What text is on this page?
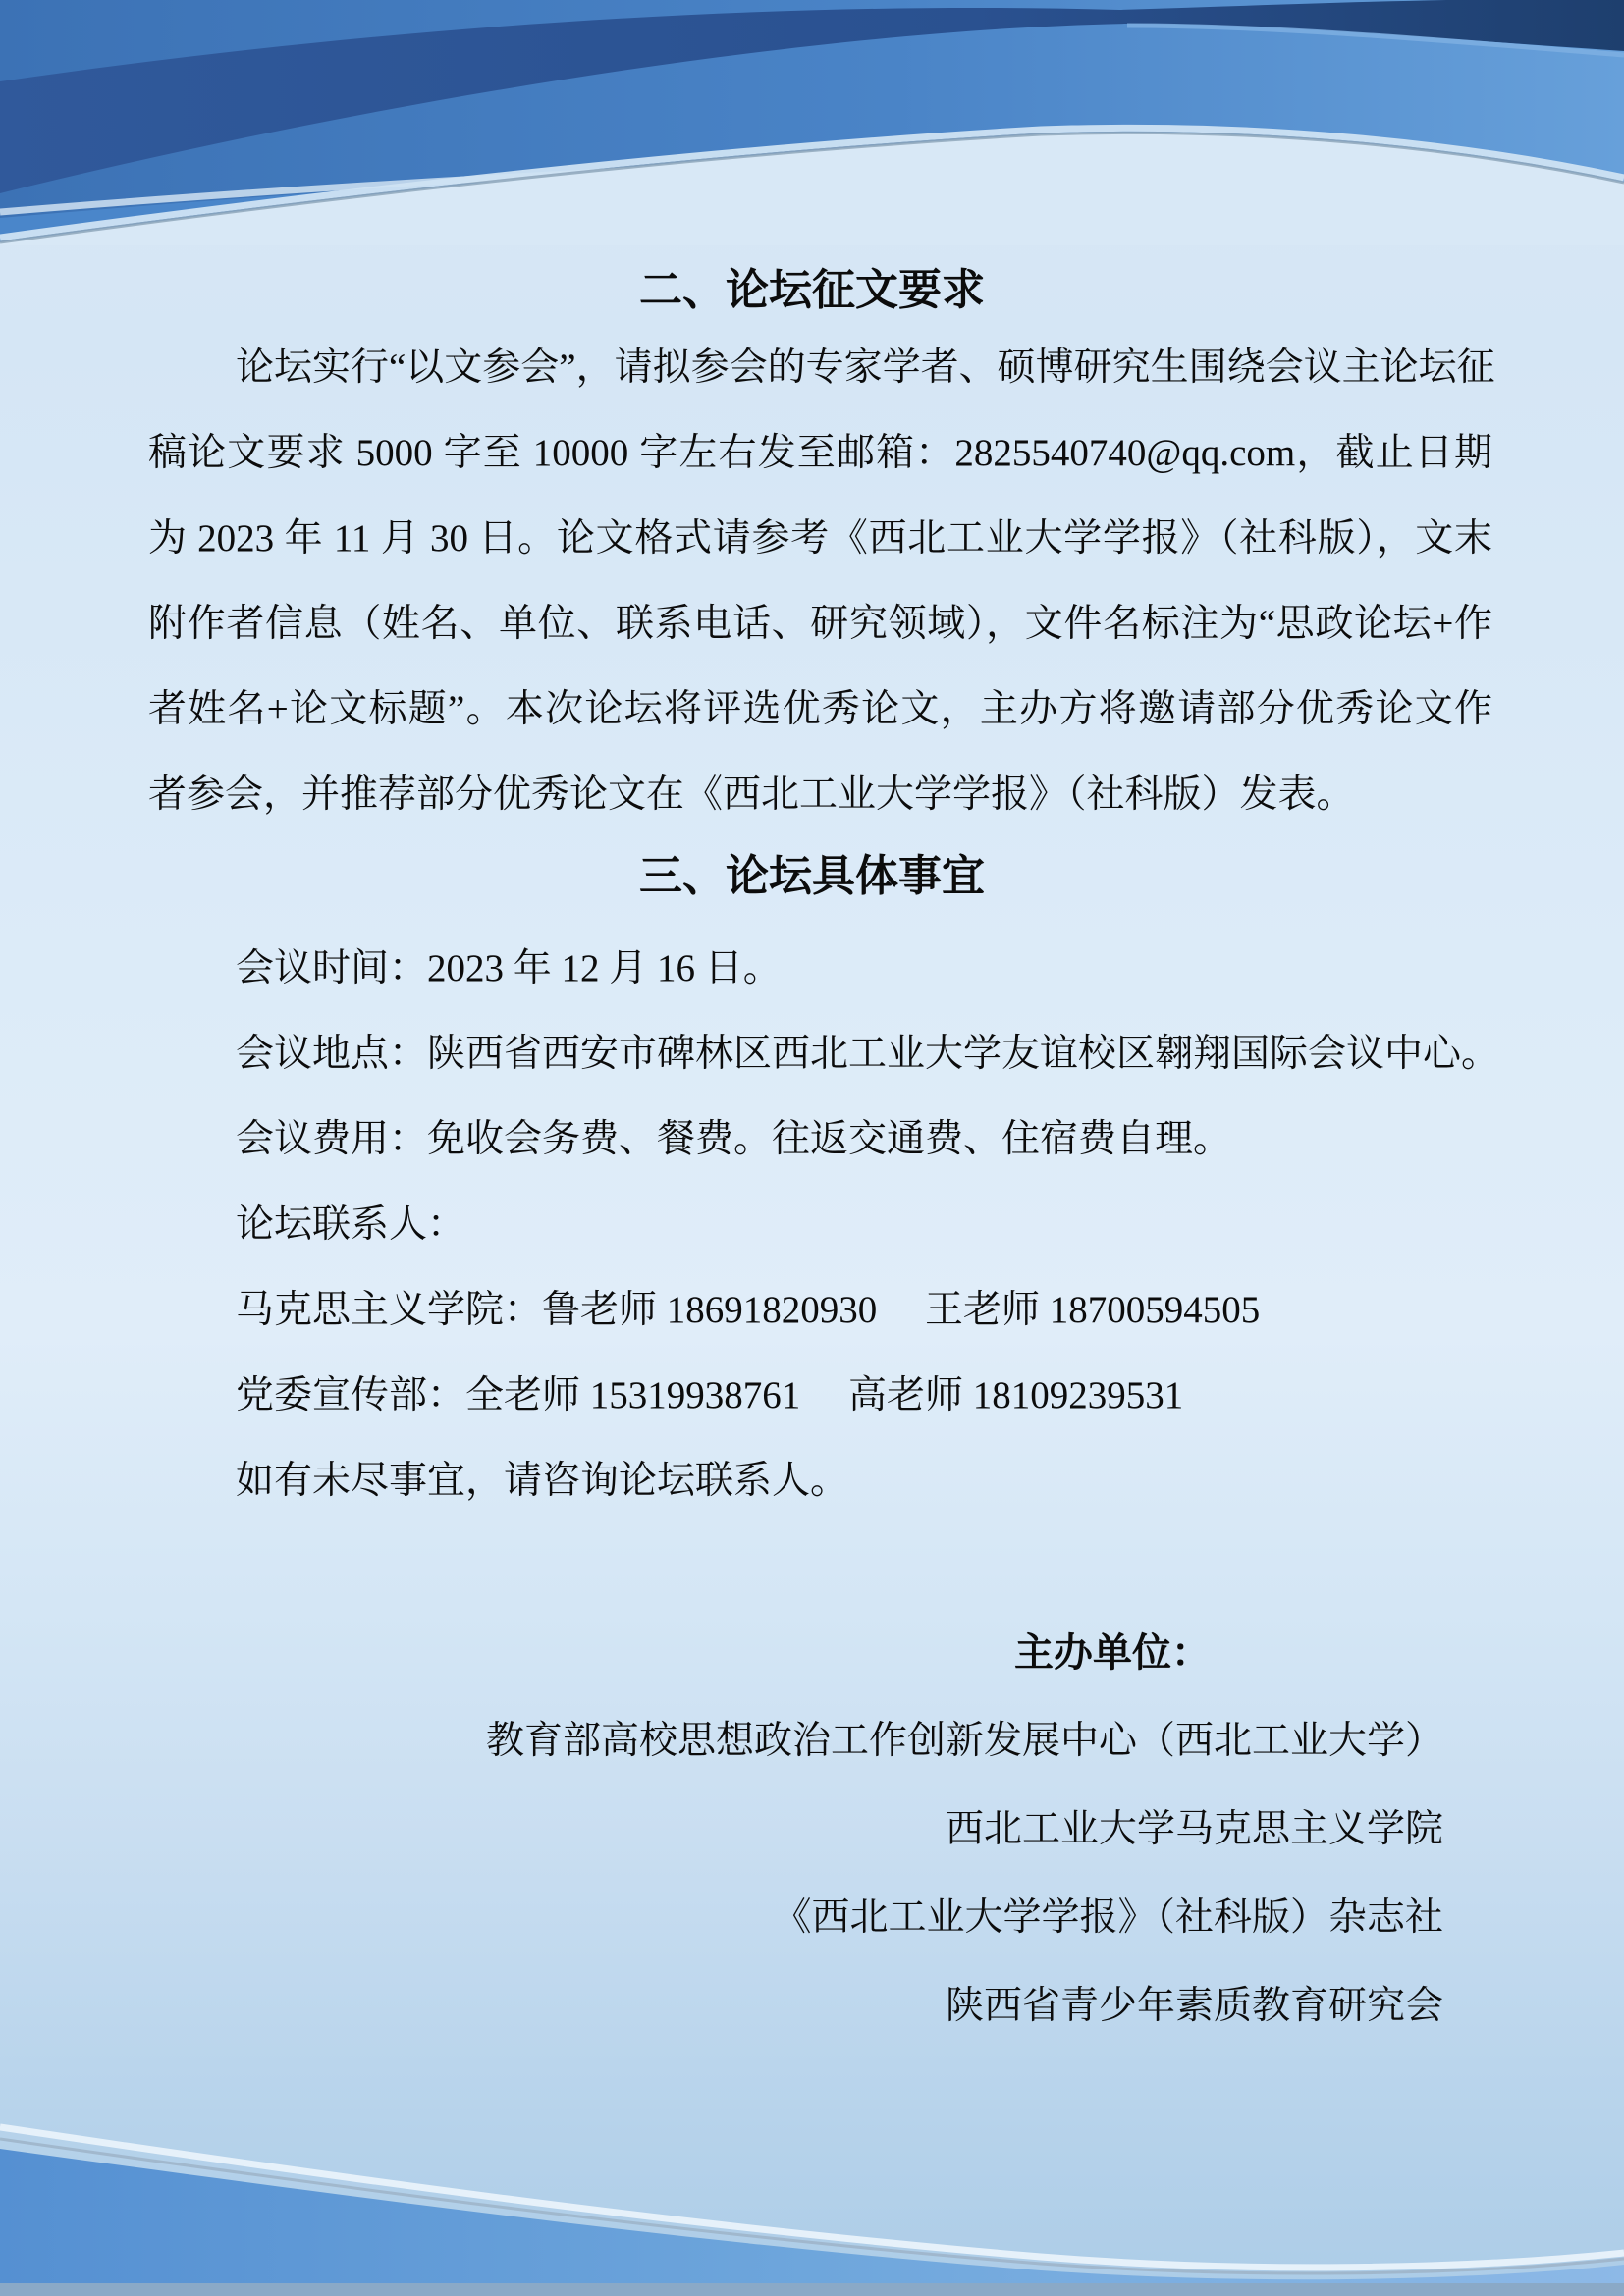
二、论坛征文要求
论坛实行“以文参会”，请拟参会的专家学者、硕博研究生围绕会议主论坛征
稿论文要求 5000 字至 10000 字左右发至邮箱：2825540740@qq.com，截止日期
为 2023 年 11 月 30 日。论文格式请参考《西北工业大学学报》（社科版），文末
附作者信息（姓名、单位、联系电话、研究领域），文件名标注为“思政论坛+作
者姓名+论文标题”。本次论坛将评选优秀论文，主办方将邀请部分优秀论文作
者参会，并推荐部分优秀论文在《西北工业大学学报》（社科版）发表。
三、论坛具体事宜
会议时间：2023 年 12 月 16 日。
会议地点：陕西省西安市碑林区西北工业大学友谊校区翱翔国际会议中心。
会议费用：免收会务费、餐费。往返交通费、住宿费自理。
论坛联系人：
马克思主义学院：鲁老师 18691820930　 王老师 18700594505
党委宣传部：全老师 15319938761　 高老师 18109239531
如有未尽事宜，请咨询论坛联系人。
主办单位：
教育部高校思想政治工作创新发展中心（西北工业大学）
西北工业大学马克思主义学院
《西北工业大学学报》（社科版）杂志社
陕西省青少年素质教育研究会
